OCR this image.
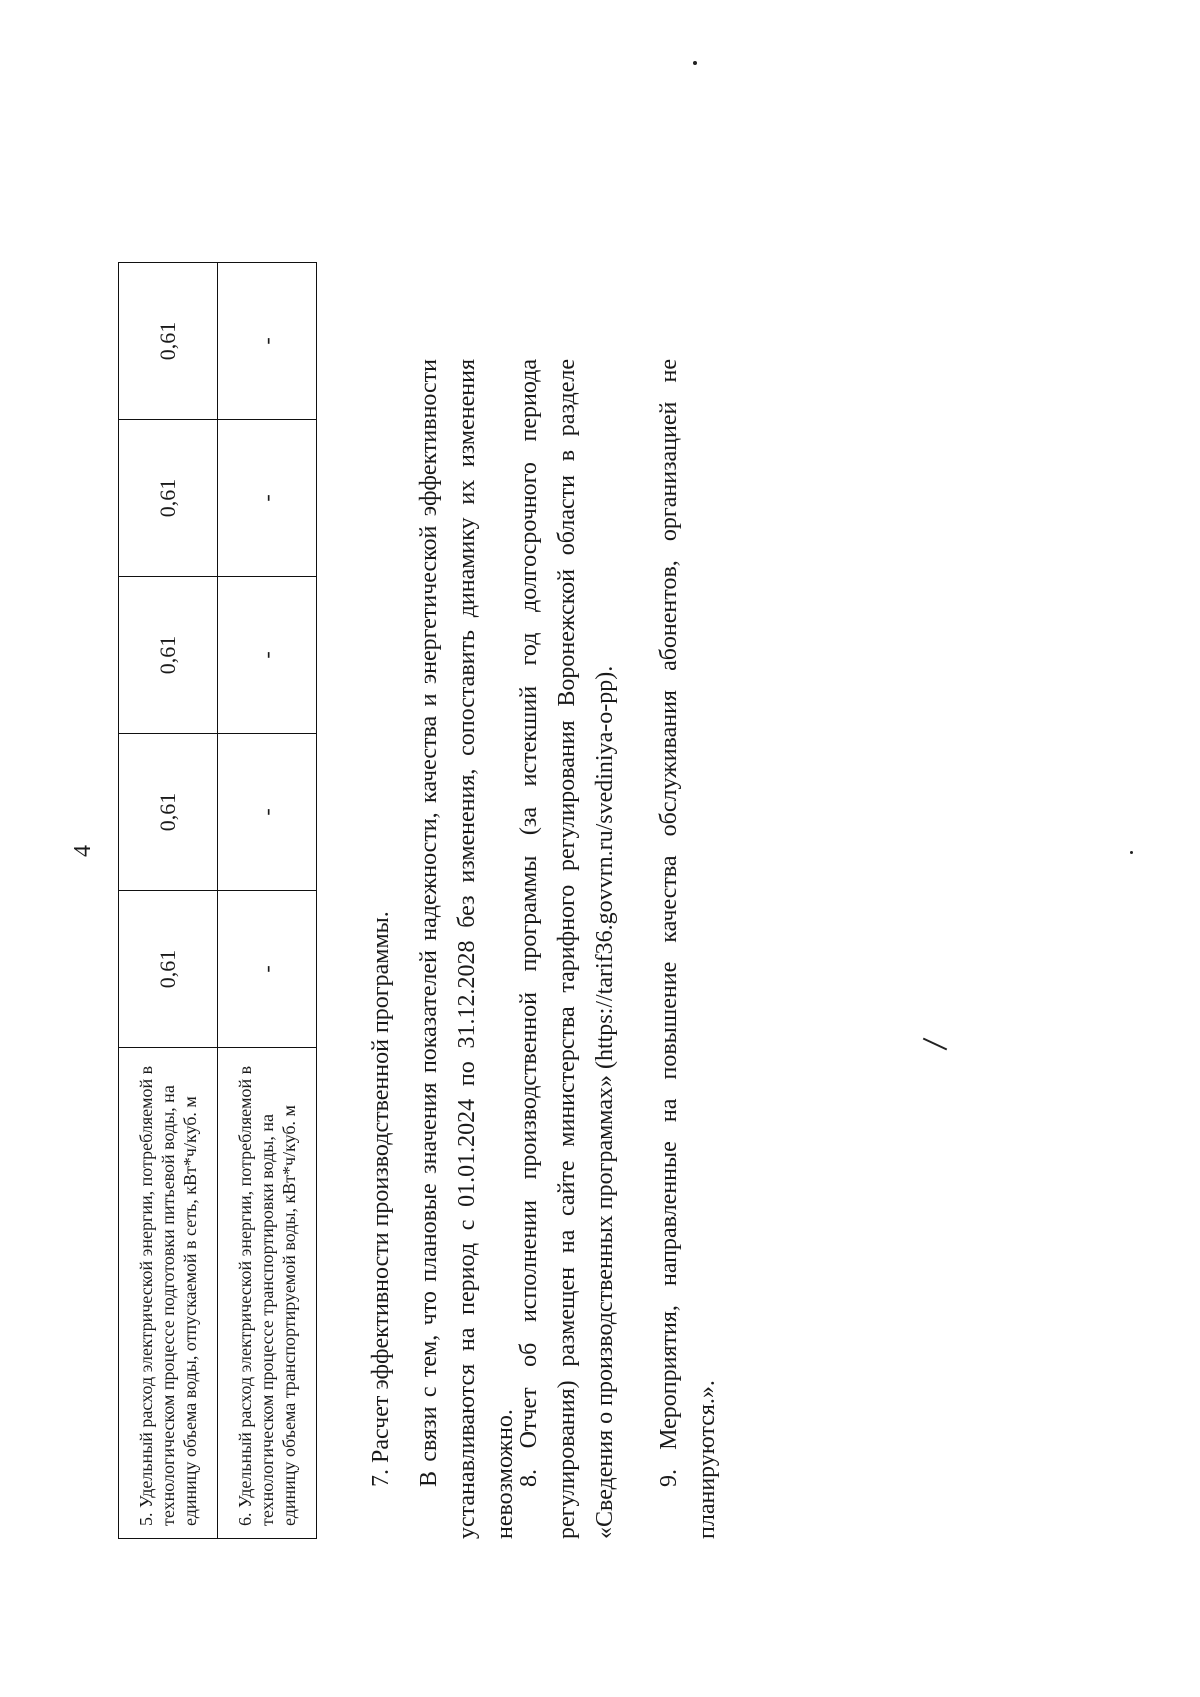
4
5. Удельный расход электрической энергии, потребляемой в технологическом процессе подготовки питьевой воды, на единицу объема воды, отпускаемой в сеть, кВт*ч/куб. м	0,61	0,61	0,61	0,61	0,61
6. Удельный расход электрической энергии, потребляемой в технологическом процессе транспортировки воды, на единицу объема транспортируемой воды, кВт*ч/куб. м	-	-	-	-	-

7. Расчет эффективности производственной программы. В связи с тем, что плановые значения показателей надежности, качества и энергетической эффективности устанавливаются на период с 01.01.2024 по 31.12.2028 без изменения, сопоставить динамику их изменения невозможно.

8. Отчет об исполнении производственной программы (за истекший год долгосрочного периода регулирования) размещен на сайте министерства тарифного регулирования Воронежской области в разделе «Сведения о производственных программах» (https://tarif36.govvrn.ru/svediniya-o-pp). 9. Мероприятия, направленные на повышение качества обслуживания абонентов, организацией не планируются.».
